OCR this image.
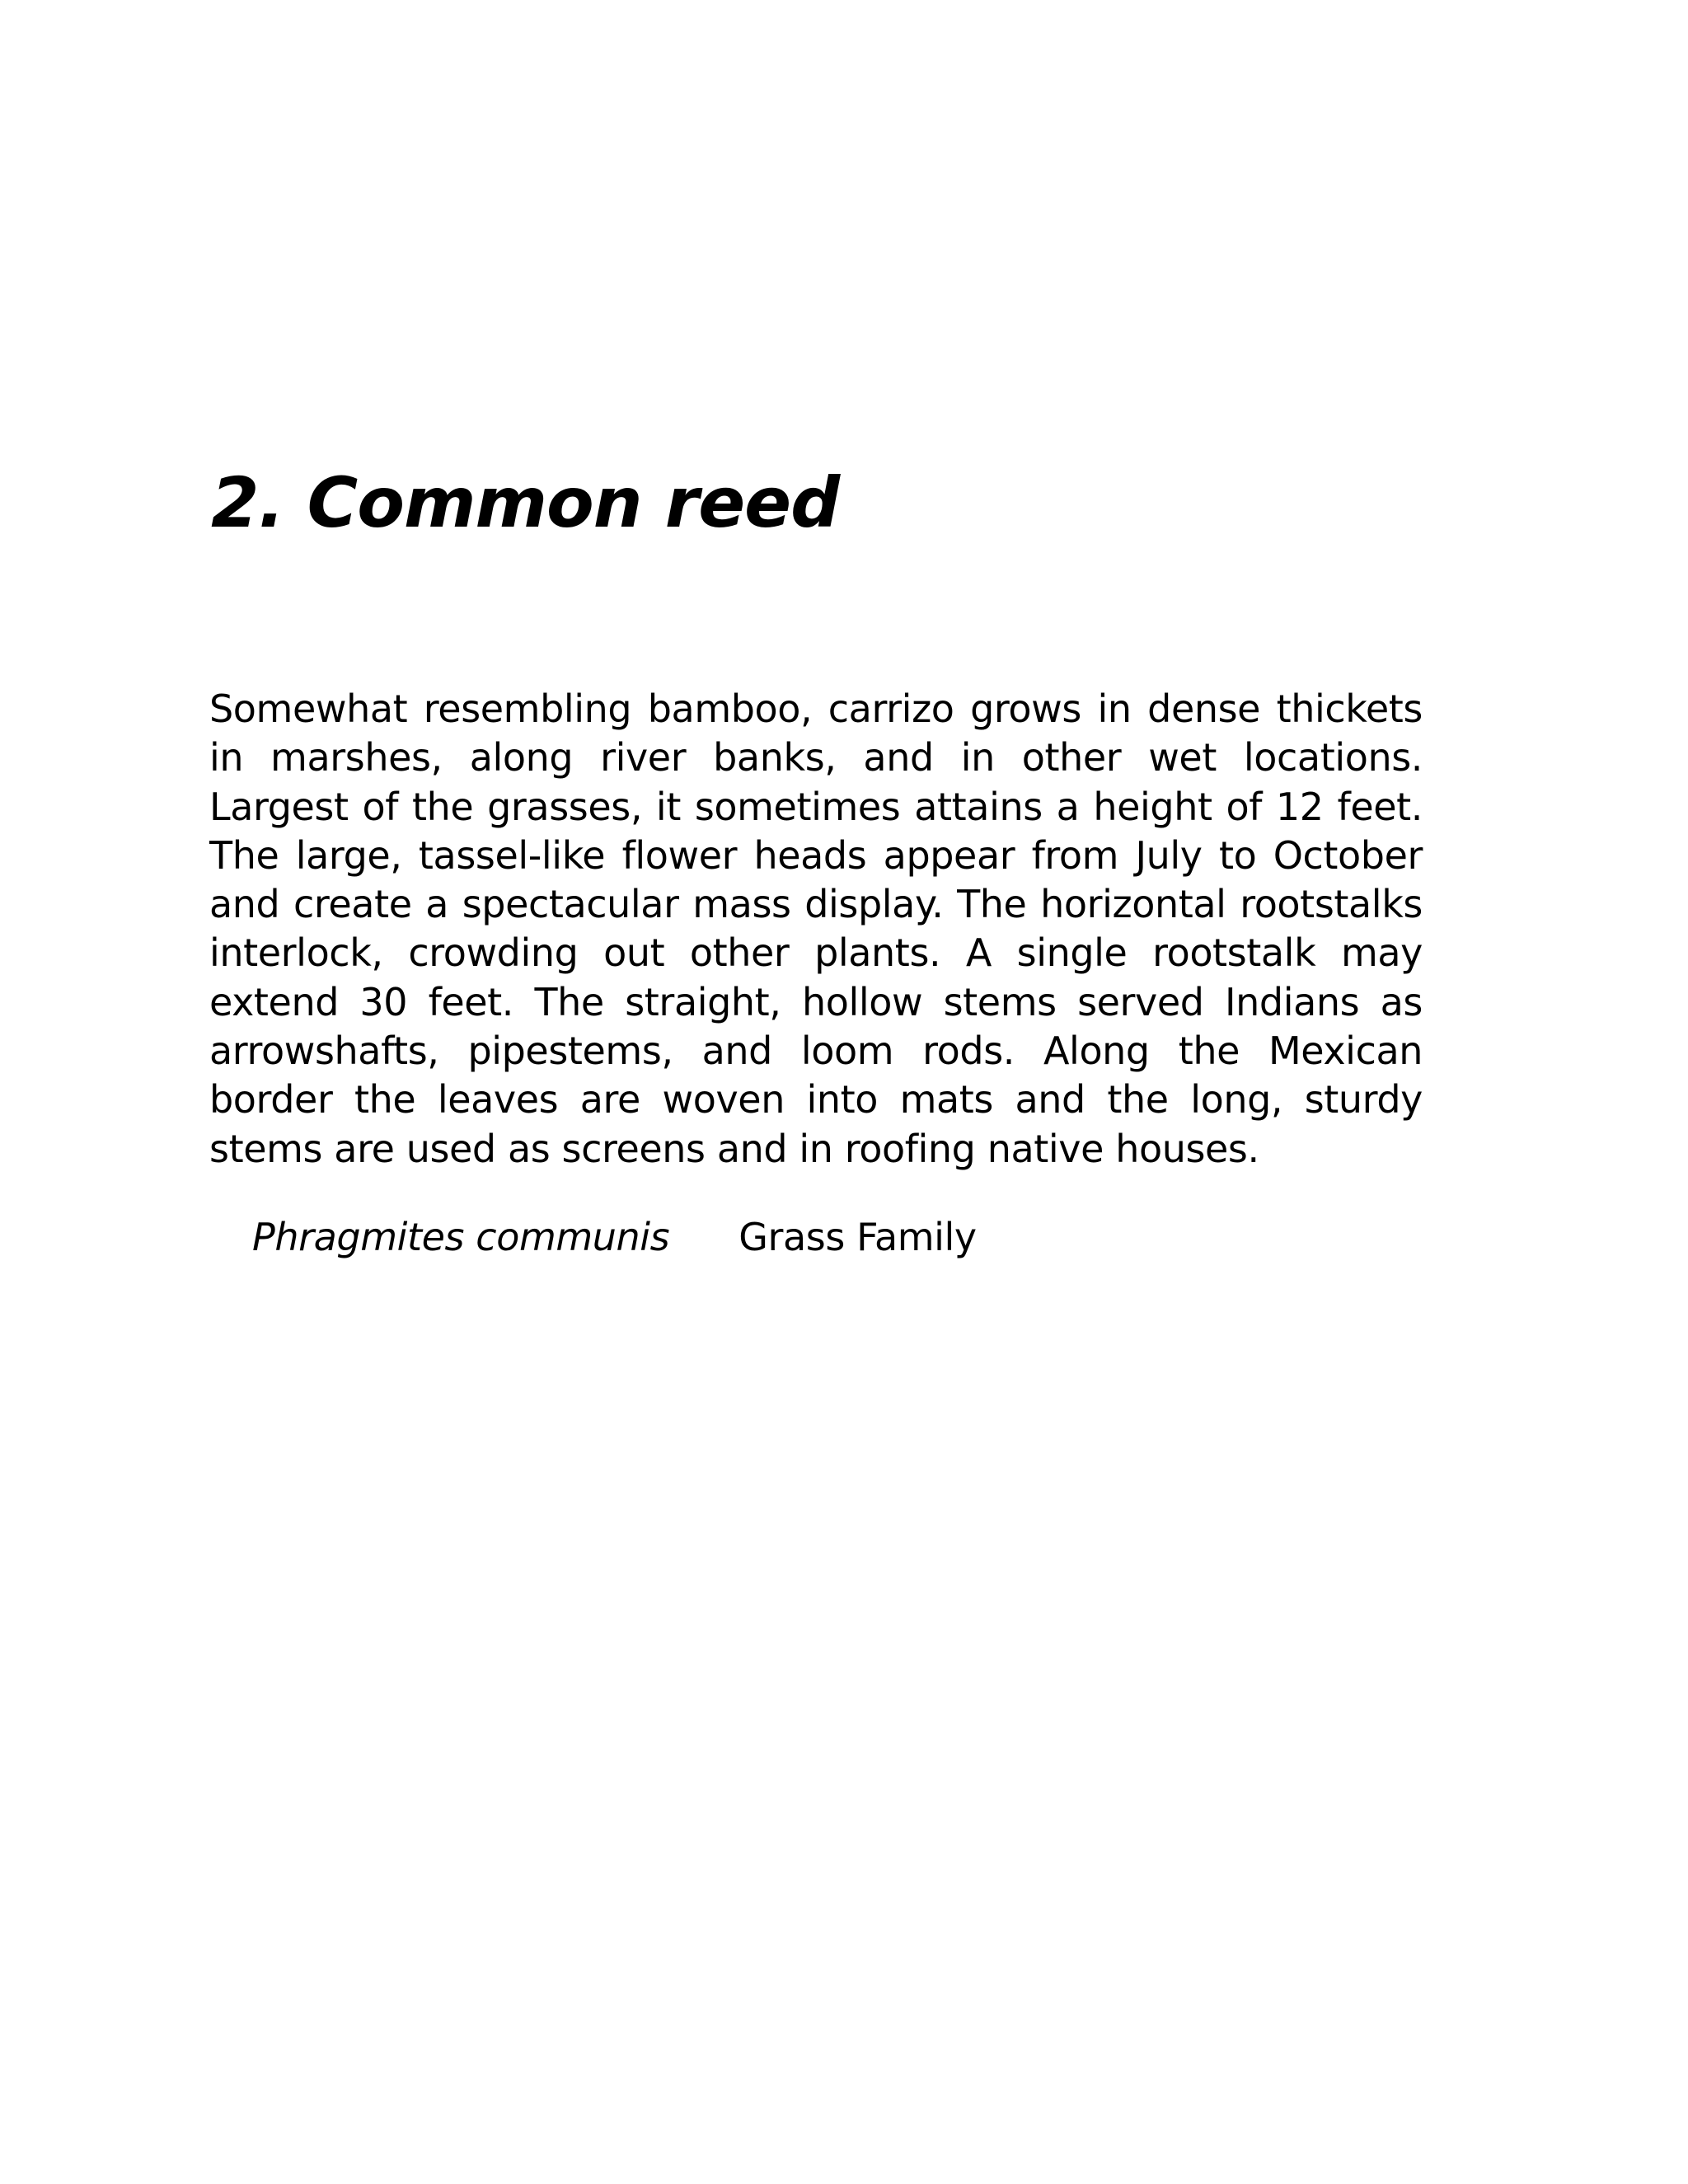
2. Common reed

Somewhat resembling bamboo, carrizo grows in dense thickets in marshes, along river banks, and in other wet locations. Largest of the grasses, it sometimes attains a height of 12 feet. The large, tassel-like flower heads appear from July to October and create a spectacular mass display. The horizontal rootstalks interlock, crowding out other plants. A single rootstalk may extend 30 feet. The straight, hollow stems served Indians as arrowshafts, pipestems, and loom rods. Along the Mexican border the leaves are woven into mats and the long, sturdy stems are used as screens and in roofing native houses.

Phragmites communis Grass Family
